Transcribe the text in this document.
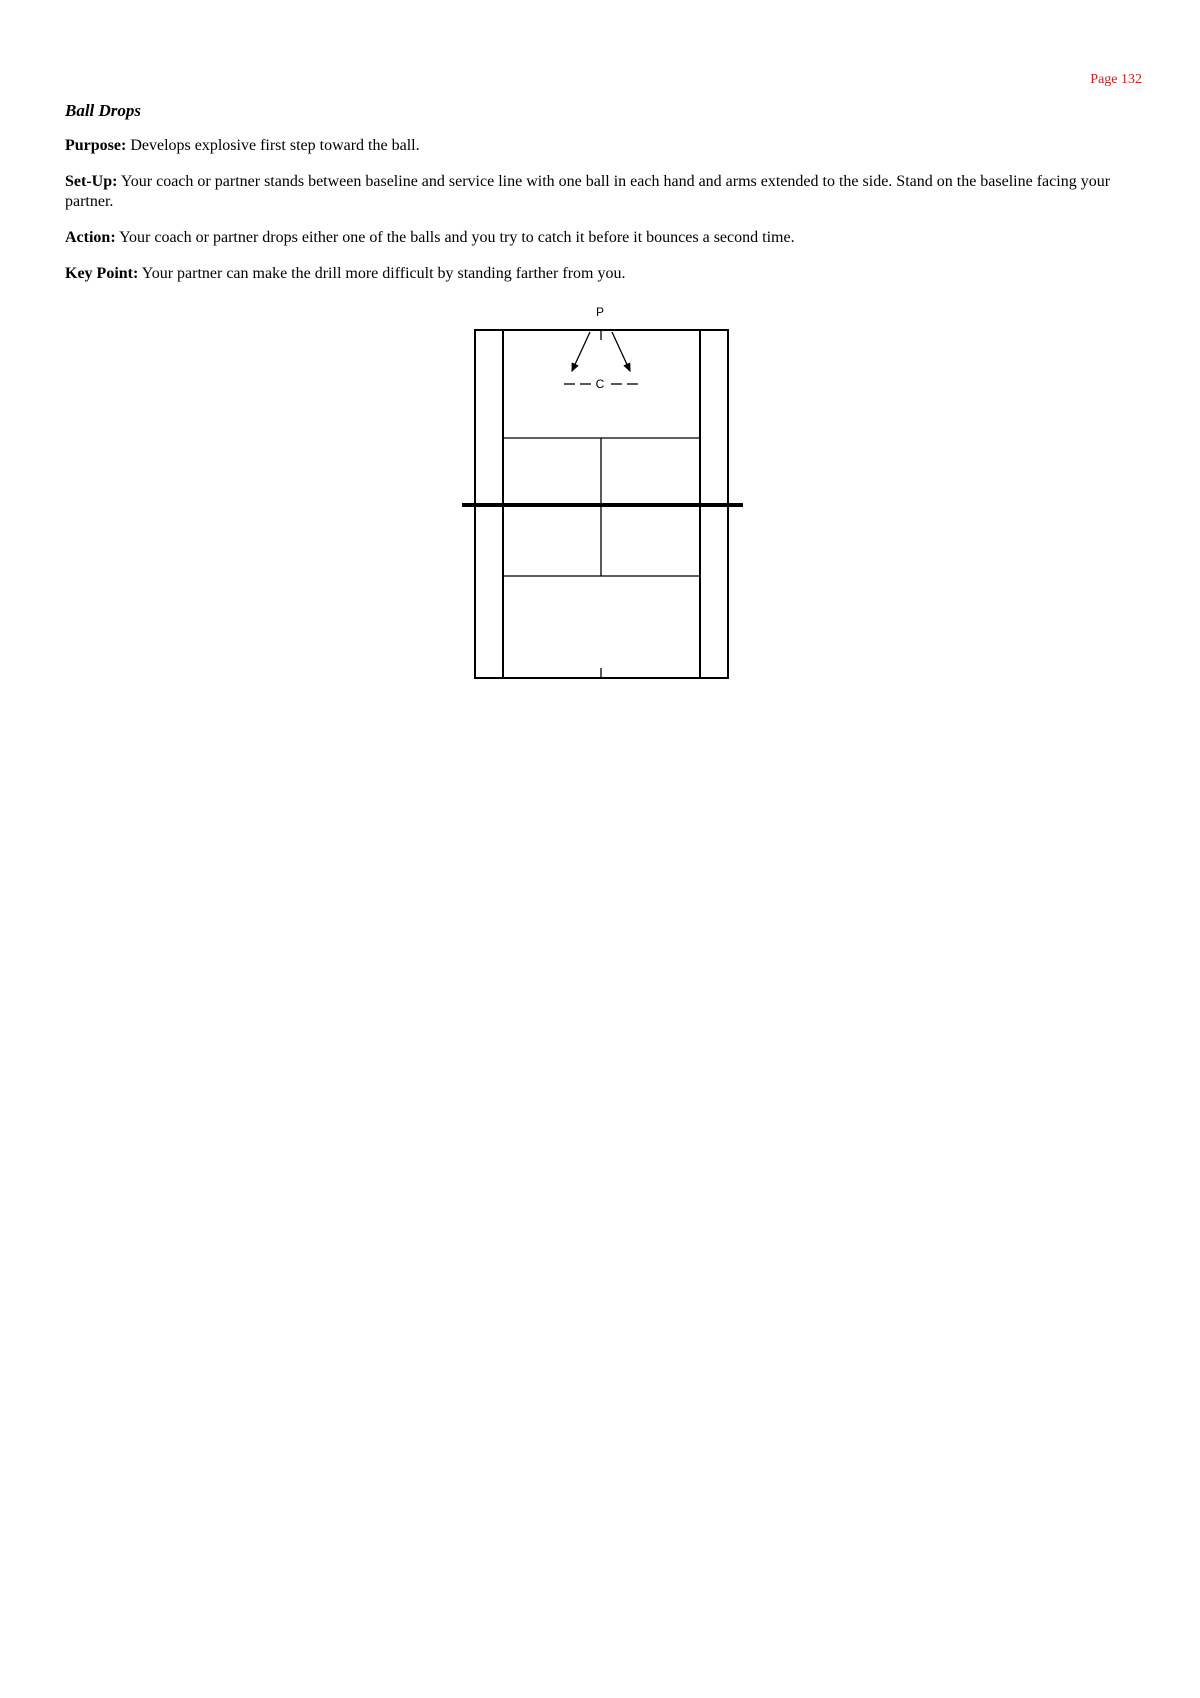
Page 132
Ball Drops

Purpose: Develops explosive first step toward the ball.

Set-Up: Your coach or partner stands between baseline and service line with one ball in each hand and arms extended to the side. Stand on the baseline facing your partner.

Action: Your coach or partner drops either one of the balls and you try to catch it before it bounces a second time.

Key Point: Your partner can make the drill more difficult by standing farther from you.

P
C
